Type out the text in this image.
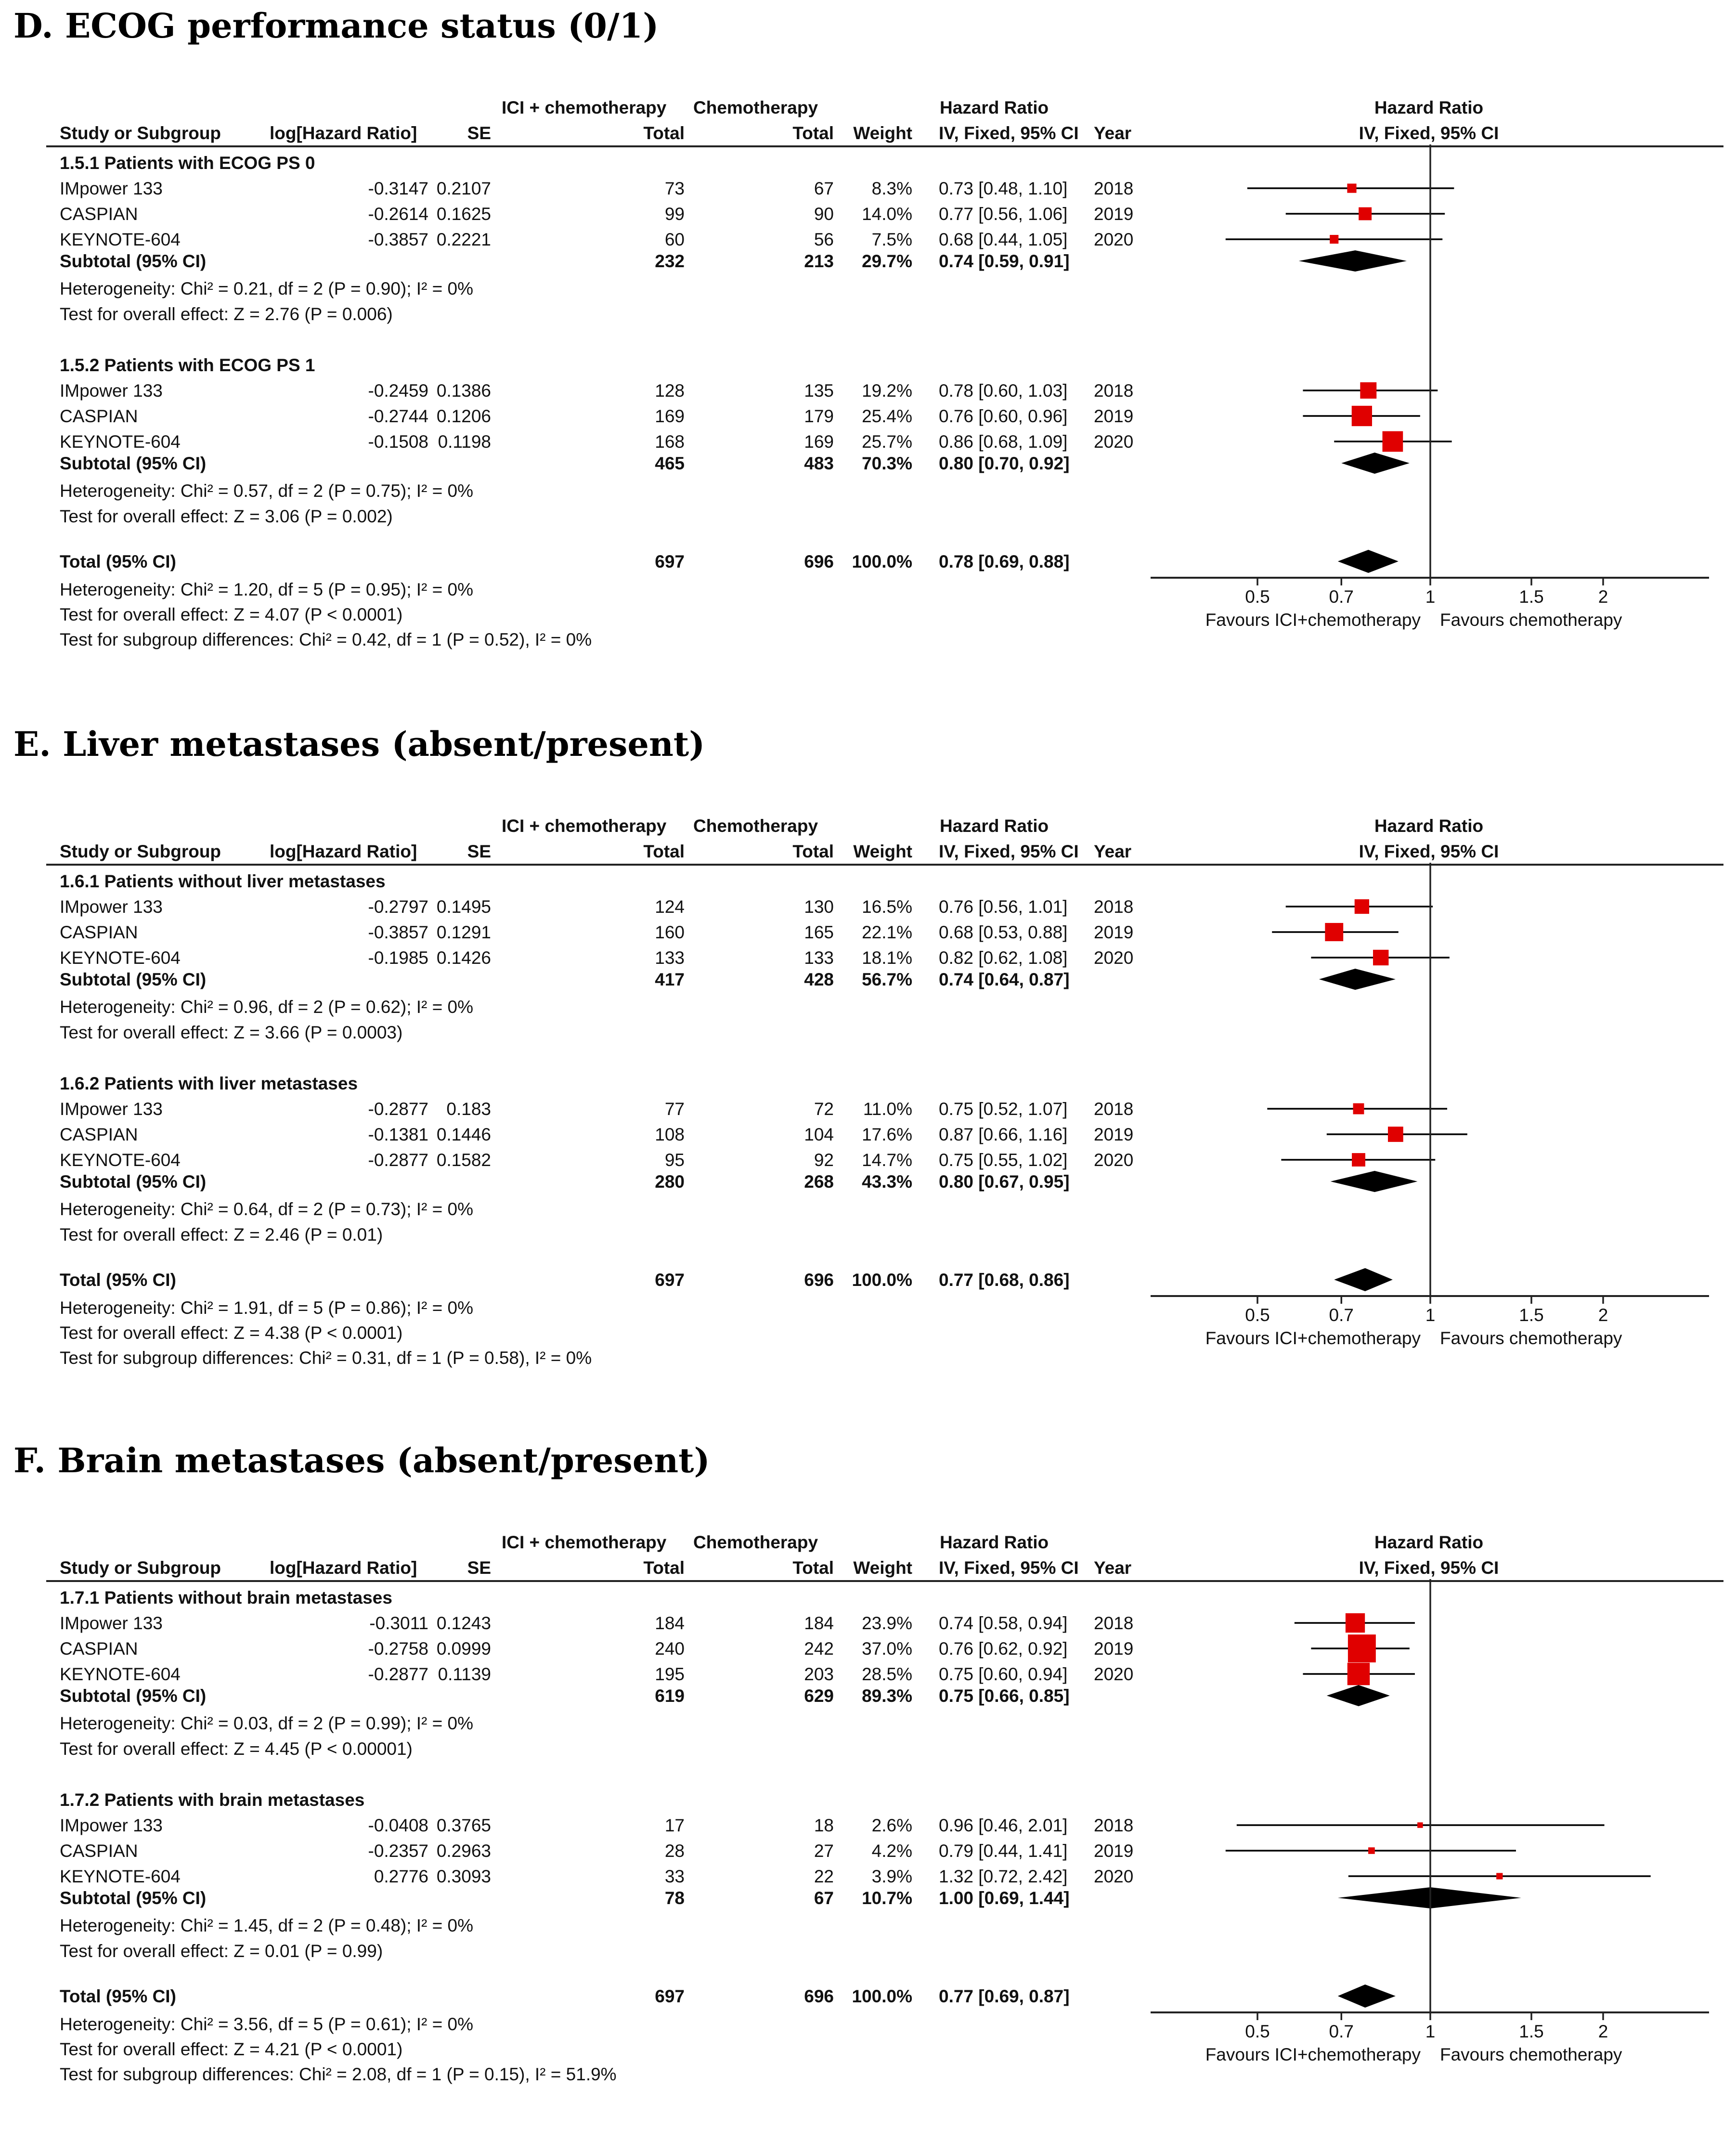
D. ECOG performance status (0/1)
ICI + chemotherapy Chemotherapy	Hazard Ratio	Hazard Ratio
Study or Subgroup	log[Hazard Ratio]	SE	Total	Total Weight IV, Fixed, 95% CI Year	IV, Fixed, 95% CI
0.5	0.7	1	1.5	2
Favours ICI+chemotherapy Favours chemotherapy
1.5.1 Patients with ECOG PS 0
IMpower 133	-0.3147 0.2107	73	67 8.3% 0.73 [0.48, 1.10] 2018
CASPIAN	-0.2614 0.1625	99	90 14.0% 0.77 [0.56, 1.06] 2019
KEYNOTE-604	-0.3857 0.2221	60	56 7.5% 0.68 [0.44, 1.05] 2020
Subtotal (95% CI)	232	213 29.7% 0.74 [0.59, 0.91]
Heterogeneity: Chi² = 0.21, df = 2 (P = 0.90); I² = 0%
Test for overall effect: Z = 2.76 (P = 0.006)
1.5.2 Patients with ECOG PS 1
IMpower 133	-0.2459 0.1386	128	135 19.2% 0.78 [0.60, 1.03] 2018
CASPIAN	-0.2744 0.1206	169	179 25.4% 0.76 [0.60, 0.96] 2019
KEYNOTE-604	-0.1508 0.1198	168	169 25.7% 0.86 [0.68, 1.09] 2020
Subtotal (95% CI)	465	483 70.3% 0.80 [0.70, 0.92]
Heterogeneity: Chi² = 0.57, df = 2 (P = 0.75); I² = 0%
Test for overall effect: Z = 3.06 (P = 0.002)
Total (95% CI)	697	696 100.0% 0.78 [0.69, 0.88]
Heterogeneity: Chi² = 1.20, df = 5 (P = 0.95); I² = 0%
Test for overall effect: Z = 4.07 (P < 0.0001)
Test for subgroup differences: Chi² = 0.42, df = 1 (P = 0.52), I² = 0%
E. Liver metastases (absent/present)
ICI + chemotherapy Chemotherapy	Hazard Ratio	Hazard Ratio
Study or Subgroup	log[Hazard Ratio]	SE	Total	Total Weight IV, Fixed, 95% CI Year	IV, Fixed, 95% CI
0.5	0.7	1	1.5	2
Favours ICI+chemotherapy Favours chemotherapy
1.6.1 Patients without liver metastases
IMpower 133	-0.2797 0.1495	124	130 16.5% 0.76 [0.56, 1.01] 2018
CASPIAN	-0.3857 0.1291	160	165 22.1% 0.68 [0.53, 0.88] 2019
KEYNOTE-604	-0.1985 0.1426	133	133 18.1% 0.82 [0.62, 1.08] 2020
Subtotal (95% CI)	417	428 56.7% 0.74 [0.64, 0.87]
Heterogeneity: Chi² = 0.96, df = 2 (P = 0.62); I² = 0%
Test for overall effect: Z = 3.66 (P = 0.0003)
1.6.2 Patients with liver metastases
IMpower 133	-0.2877 0.183	77	72 11.0% 0.75 [0.52, 1.07] 2018
CASPIAN	-0.1381 0.1446	108	104 17.6% 0.87 [0.66, 1.16] 2019
KEYNOTE-604	-0.2877 0.1582	95	92 14.7% 0.75 [0.55, 1.02] 2020
Subtotal (95% CI)	280	268 43.3% 0.80 [0.67, 0.95]
Heterogeneity: Chi² = 0.64, df = 2 (P = 0.73); I² = 0%
Test for overall effect: Z = 2.46 (P = 0.01)
Total (95% CI)	697	696 100.0% 0.77 [0.68, 0.86]
Heterogeneity: Chi² = 1.91, df = 5 (P = 0.86); I² = 0%
Test for overall effect: Z = 4.38 (P < 0.0001)
Test for subgroup differences: Chi² = 0.31, df = 1 (P = 0.58), I² = 0%
F. Brain metastases (absent/present)
ICI + chemotherapy Chemotherapy	Hazard Ratio	Hazard Ratio
Study or Subgroup	log[Hazard Ratio]	SE	Total	Total Weight IV, Fixed, 95% CI Year	IV, Fixed, 95% CI
0.5	0.7	1	1.5	2
Favours ICI+chemotherapy Favours chemotherapy
1.7.1 Patients without brain metastases
IMpower 133	-0.3011 0.1243	184	184 23.9% 0.74 [0.58, 0.94] 2018
CASPIAN	-0.2758 0.0999	240	242 37.0% 0.76 [0.62, 0.92] 2019
KEYNOTE-604	-0.2877 0.1139	195	203 28.5% 0.75 [0.60, 0.94] 2020
Subtotal (95% CI)	619	629 89.3% 0.75 [0.66, 0.85]
Heterogeneity: Chi² = 0.03, df = 2 (P = 0.99); I² = 0%
Test for overall effect: Z = 4.45 (P < 0.00001)
1.7.2 Patients with brain metastases
IMpower 133	-0.0408 0.3765	17	18 2.6% 0.96 [0.46, 2.01] 2018
CASPIAN	-0.2357 0.2963	28	27 4.2% 0.79 [0.44, 1.41] 2019
KEYNOTE-604	0.2776 0.3093	33	22 3.9% 1.32 [0.72, 2.42] 2020
Subtotal (95% CI)	78	67 10.7% 1.00 [0.69, 1.44]
Heterogeneity: Chi² = 1.45, df = 2 (P = 0.48); I² = 0%
Test for overall effect: Z = 0.01 (P = 0.99)
Total (95% CI)	697	696 100.0% 0.77 [0.69, 0.87]
Heterogeneity: Chi² = 3.56, df = 5 (P = 0.61); I² = 0%
Test for overall effect: Z = 4.21 (P < 0.0001)
Test for subgroup differences: Chi² = 2.08, df = 1 (P = 0.15), I² = 51.9%
